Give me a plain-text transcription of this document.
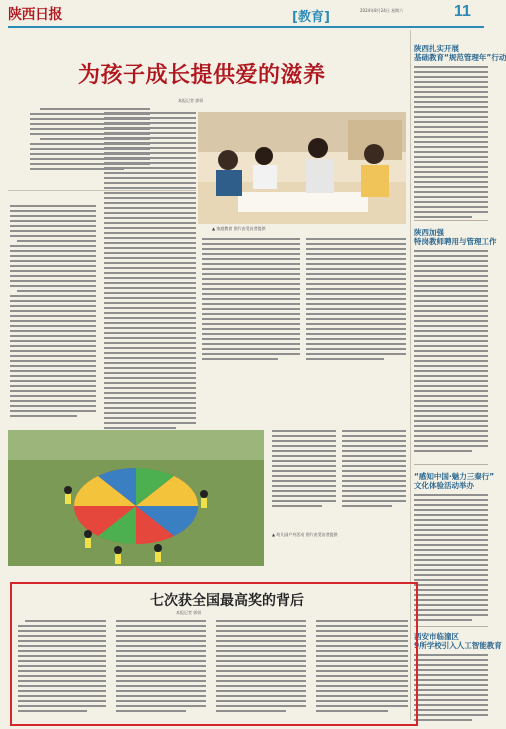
陕西日报	[教育]	2024年8月24日 星期六	11
为孩子成长提供爱的滋养
本报记者 郭妍
▲ 家庭教育 图片由受访者提供
▲ 幼儿园户外活动 图片由受访者提供
陕西扎实开展
基础教育“规范管理年”行动
陕西加强
特岗教师聘用与管理工作
“感知中国·魅力三秦行”
文化体验活动举办
西安市临潼区
9所学校引入人工智能教育
七次获全国最高奖的背后
本报记者 郭妍
